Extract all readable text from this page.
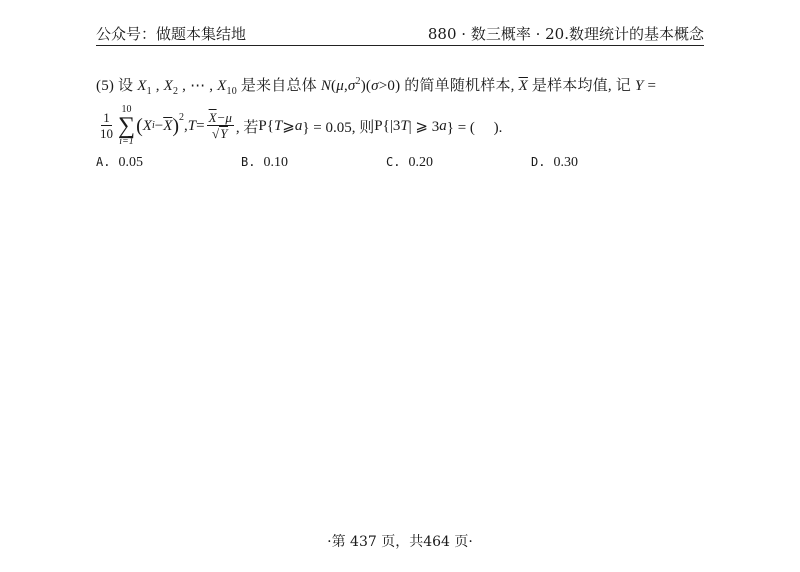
公众号：做题本集结地	880 · 数三概率 · 20.数理统计的基本概念
(5) 设 $X_1$ , $X_2$ , ⋯ , $X_{10}$ 是来自总体 $N(\mu,\sigma^2)(\sigma>0)$ 的简单随机样本, $\overline{X}$ 是样本均值, 记 Y =
$\frac{1}{10}$
10
∑
i=1
( X $i - \overline{X}$ )$^2$ , $T = \frac{\overline{X}-\mu}{√ Y}$ , 若 P{ T ⩾ a } = 0.05, 则 P{|3 T | ⩾ 3 a } = (　 ).
A. 0.05	B. 0.10	C. 0.20	D. 0.30
·第 437 页，共464 页·
